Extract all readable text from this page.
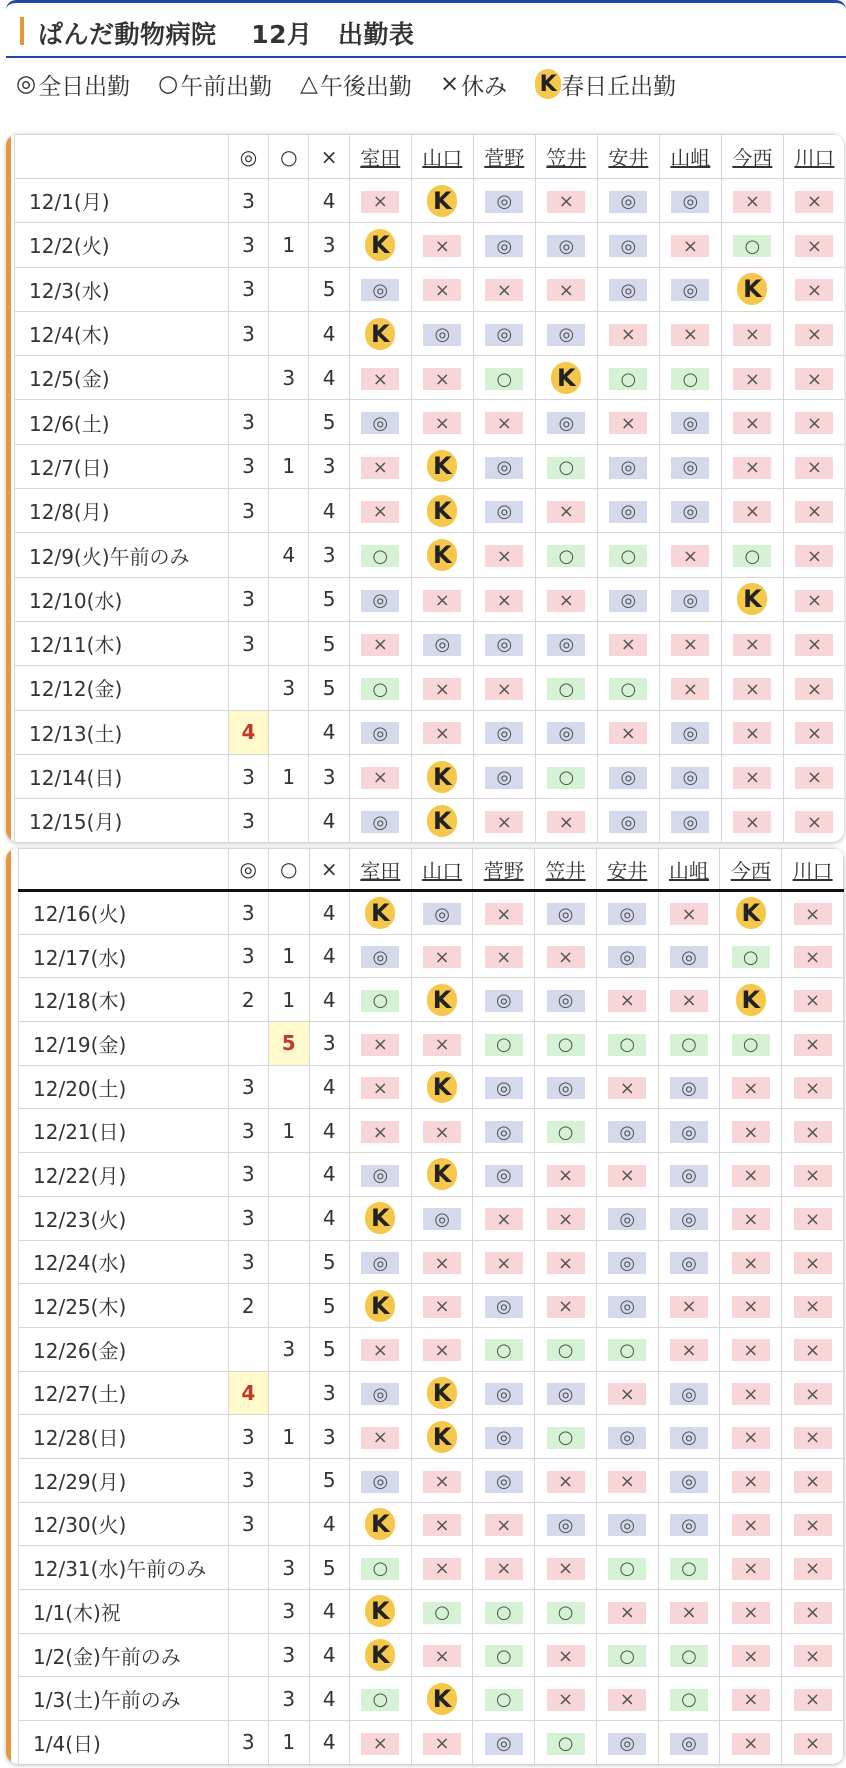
ぱんだ動物病院　 12月　出勤表
◎ 全日出勤 ○ 午前出勤 △ 午後出勤 × 休み K 春日丘出勤
	◎	○	×	室田	山口	菅野	笠井	安井	山岨	今西	川口
12/1(月)	3		4	×	K	◎	×	◎	◎	×	×
12/2(火)	3	1	3	K	×	◎	◎	◎	×	○	×
12/3(水)	3		5	◎	×	×	×	◎	◎	K	×
12/4(木)	3		4	K	◎	◎	◎	×	×	×	×
12/5(金)		3	4	×	×	○	K	○	○	×	×
12/6(土)	3		5	◎	×	×	◎	×	◎	×	×
12/7(日)	3	1	3	×	K	◎	○	◎	◎	×	×
12/8(月)	3		4	×	K	◎	×	◎	◎	×	×
12/9(火)午前のみ		4	3	○	K	×	○	○	×	○	×
12/10(水)	3		5	◎	×	×	×	◎	◎	K	×
12/11(木)	3		5	×	◎	◎	◎	×	×	×	×
12/12(金)		3	5	○	×	×	○	○	×	×	×
12/13(土)	4		4	◎	×	◎	◎	×	◎	×	×
12/14(日)	3	1	3	×	K	◎	○	◎	◎	×	×
12/15(月)	3		4	◎	K	×	×	◎	◎	×	×
	◎	○	×	室田	山口	菅野	笠井	安井	山岨	今西	川口
12/16(火)	3		4	K	◎	×	◎	◎	×	K	×
12/17(水)	3	1	4	◎	×	×	×	◎	◎	○	×
12/18(木)	2	1	4	○	K	◎	◎	×	×	K	×
12/19(金)		5	3	×	×	○	○	○	○	○	×
12/20(土)	3		4	×	K	◎	◎	×	◎	×	×
12/21(日)	3	1	4	×	×	◎	○	◎	◎	×	×
12/22(月)	3		4	◎	K	◎	×	×	◎	×	×
12/23(火)	3		4	K	◎	×	×	◎	◎	×	×
12/24(水)	3		5	◎	×	×	×	◎	◎	×	×
12/25(木)	2		5	K	×	◎	×	◎	×	×	×
12/26(金)		3	5	×	×	○	○	○	×	×	×
12/27(土)	4		3	◎	K	◎	◎	×	◎	×	×
12/28(日)	3	1	3	×	K	◎	○	◎	◎	×	×
12/29(月)	3		5	◎	×	◎	×	×	◎	×	×
12/30(火)	3		4	K	×	×	◎	◎	◎	×	×
12/31(水)午前のみ		3	5	○	×	×	×	○	○	×	×
1/1(木)祝		3	4	K	○	○	○	×	×	×	×
1/2(金)午前のみ		3	4	K	×	○	×	○	○	×	×
1/3(土)午前のみ		3	4	○	K	○	×	×	○	×	×
1/4(日)	3	1	4	×	×	◎	○	◎	◎	×	×
